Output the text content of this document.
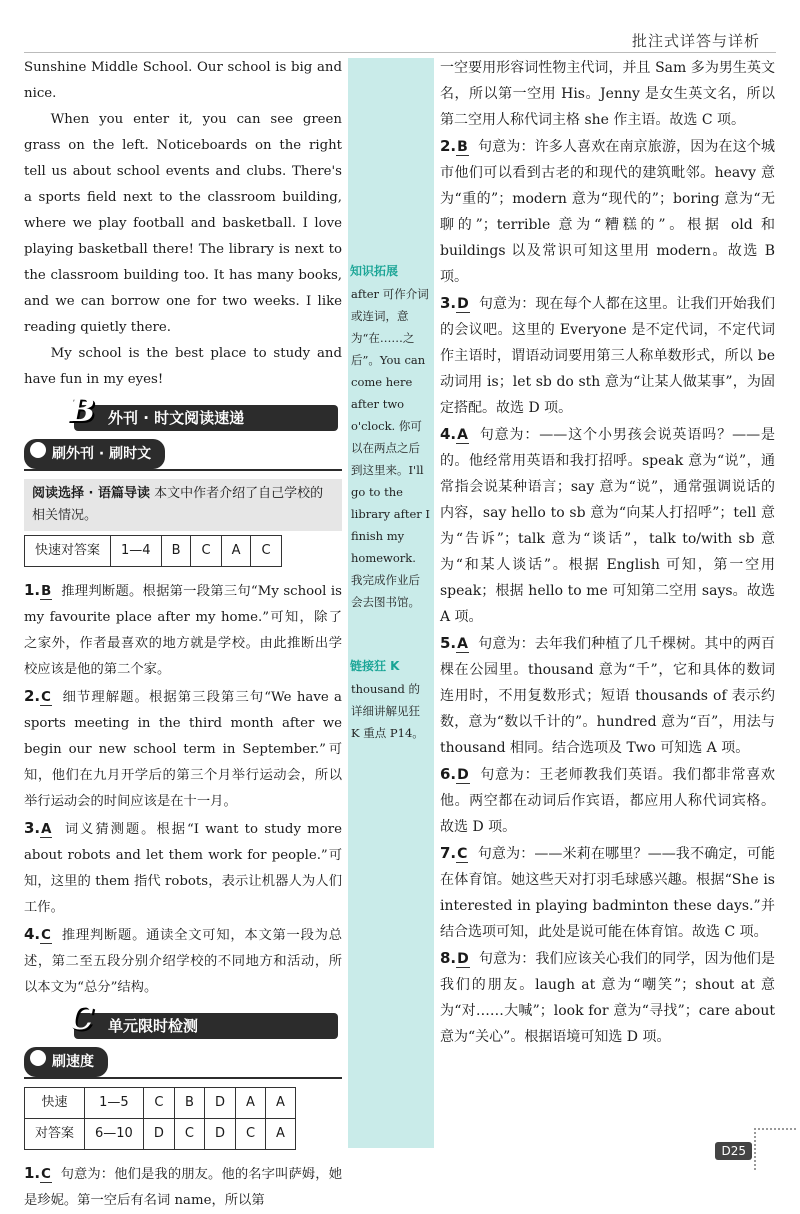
批注式详答与详析

Sunshine Middle School. Our school is big and nice.

When you enter it, you can see green grass on the left. Noticeboards on the right tell us about school events and clubs. There's a sports field next to the classroom building, where we play football and basketball. I love playing basketball there! The library is next to the classroom building too. It has many books, and we can borrow one for two weeks. I like reading quietly there.

My school is the best place to study and have fun in my eyes!

B 外刊 · 时文阅读速递
刷外刊 · 刷时文
阅读选择 · 语篇导读 本文中作者介绍了自己学校的相关情况。
快速对答案	1—4	B	C	A	C

1.B 推理判断题。根据第一段第三句“My school is my favourite place after my home.”可知，除了之家外，作者最喜欢的地方就是学校。由此推断出学校应该是他的第二个家。

2.C 细节理解题。根据第三段第三句“We have a sports meeting in the third month after we begin our new school term in September.”可知，他们在九月开学后的第三个月举行运动会，所以举行运动会的时间应该是在十一月。

3.A 词义猜测题。根据“I want to study more about robots and let them work for people.”可知，这里的 them 指代 robots，表示让机器人为人们工作。

4.C 推理判断题。通读全文可知，本文第一段为总述，第二至五段分别介绍学校的不同地方和活动，所以本文为“总分”结构。

C 单元限时检测
刷速度
快速	1—5	C	B	D	A	A
对答案	6—10	D	C	D	C	A

1.C 句意为：他们是我的朋友。他的名字叫萨姆，她是珍妮。第一空后有名词 name，所以第

知识拓展
after 可作介词或连词，意为“在……之后”。You can come here after two o'clock. 你可以在两点之后到这里来。I'll go to the library after I finish my homework. 我完成作业后会去图书馆。
链接狂 K
thousand 的详细讲解见狂 K 重点 P14。

一空要用形容词性物主代词，并且 Sam 多为男生英文名，所以第一空用 His。Jenny 是女生英文名，所以第二空用人称代词主格 she 作主语。故选 C 项。

2.B 句意为：许多人喜欢在南京旅游，因为在这个城市他们可以看到古老的和现代的建筑毗邻。heavy 意为“重的”；modern 意为“现代的”；boring 意为“无聊的”；terrible 意为“糟糕的”。根据 old 和 buildings 以及常识可知这里用 modern。故选 B 项。

3.D 句意为：现在每个人都在这里。让我们开始我们的会议吧。这里的 Everyone 是不定代词，不定代词作主语时，谓语动词要用第三人称单数形式，所以 be 动词用 is；let sb do sth 意为“让某人做某事”，为固定搭配。故选 D 项。

4.A 句意为：——这个小男孩会说英语吗？——是的。他经常用英语和我打招呼。speak 意为“说”，通常指会说某种语言；say 意为“说”，通常强调说话的内容，say hello to sb 意为“向某人打招呼”；tell 意为“告诉”；talk 意为“谈话”，talk to/with sb 意为“和某人谈话”。根据 English 可知，第一空用 speak；根据 hello to me 可知第二空用 says。故选 A 项。

5.A 句意为：去年我们种植了几千棵树。其中的两百棵在公园里。thousand 意为“千”，它和具体的数词连用时，不用复数形式；短语 thousands of 表示约数，意为“数以千计的”。hundred 意为“百”，用法与 thousand 相同。结合选项及 Two 可知选 A 项。

6.D 句意为：王老师教我们英语。我们都非常喜欢他。两空都在动词后作宾语，都应用人称代词宾格。故选 D 项。

7.C 句意为：——米莉在哪里？——我不确定，可能在体育馆。她这些天对打羽毛球感兴趣。根据“She is interested in playing badminton these days.”并结合选项可知，此处是说可能在体育馆。故选 C 项。

8.D 句意为：我们应该关心我们的同学，因为他们是我们的朋友。laugh at 意为“嘲笑”；shout at 意为“对……大喊”；look for 意为“寻找”；care about 意为“关心”。根据语境可知选 D 项。

D25
